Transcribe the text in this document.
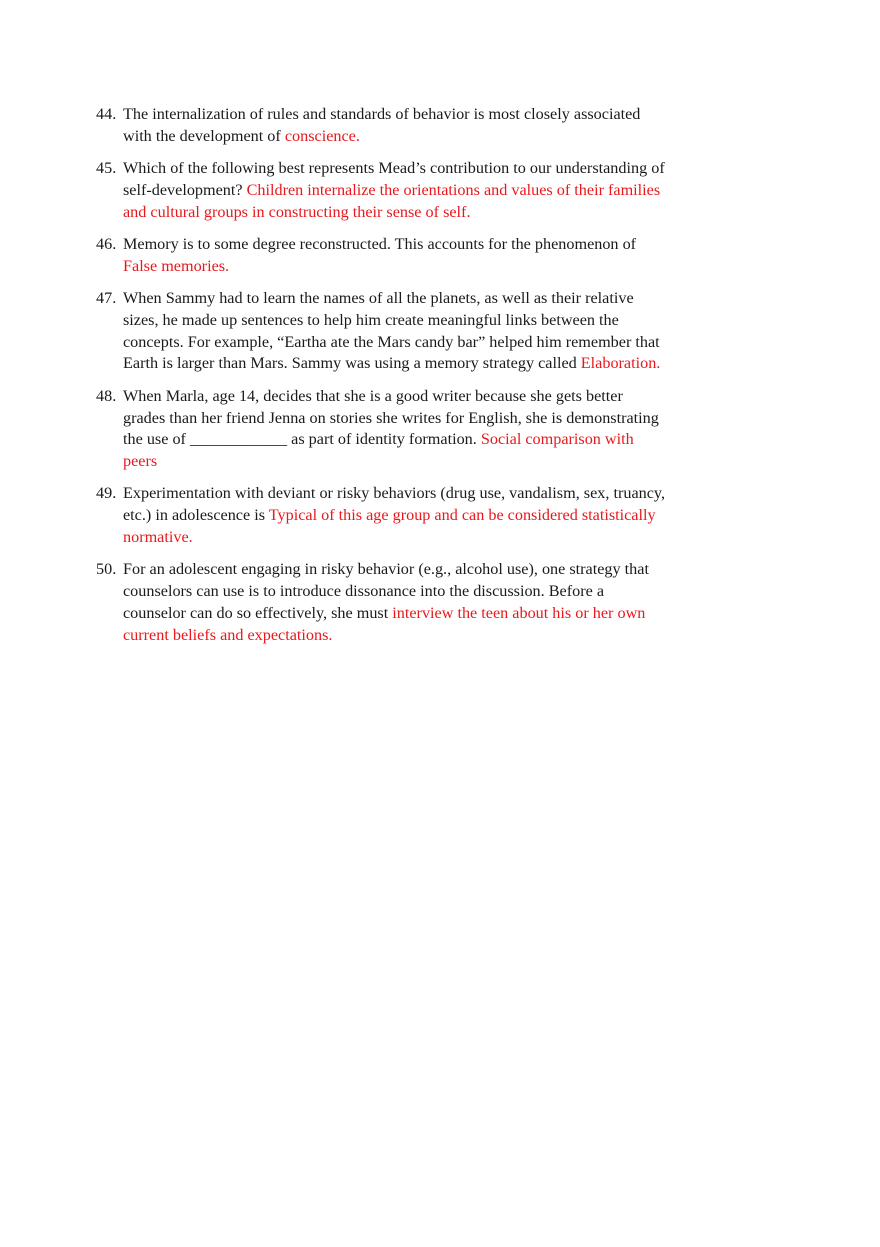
44. The internalization of rules and standards of behavior is most closely associated with the development of conscience.
45. Which of the following best represents Mead’s contribution to our understanding of self-development? Children internalize the orientations and values of their families and cultural groups in constructing their sense of self.
46. Memory is to some degree reconstructed. This accounts for the phenomenon of False memories.
47. When Sammy had to learn the names of all the planets, as well as their relative sizes, he made up sentences to help him create meaningful links between the concepts. For example, “Eartha ate the Mars candy bar” helped him remember that Earth is larger than Mars. Sammy was using a memory strategy called Elaboration.
48. When Marla, age 14, decides that she is a good writer because she gets better grades than her friend Jenna on stories she writes for English, she is demonstrating the use of ____________ as part of identity formation. Social comparison with peers
49. Experimentation with deviant or risky behaviors (drug use, vandalism, sex, truancy, etc.) in adolescence is Typical of this age group and can be considered statistically normative.
50. For an adolescent engaging in risky behavior (e.g., alcohol use), one strategy that counselors can use is to introduce dissonance into the discussion. Before a counselor can do so effectively, she must interview the teen about his or her own current beliefs and expectations.
